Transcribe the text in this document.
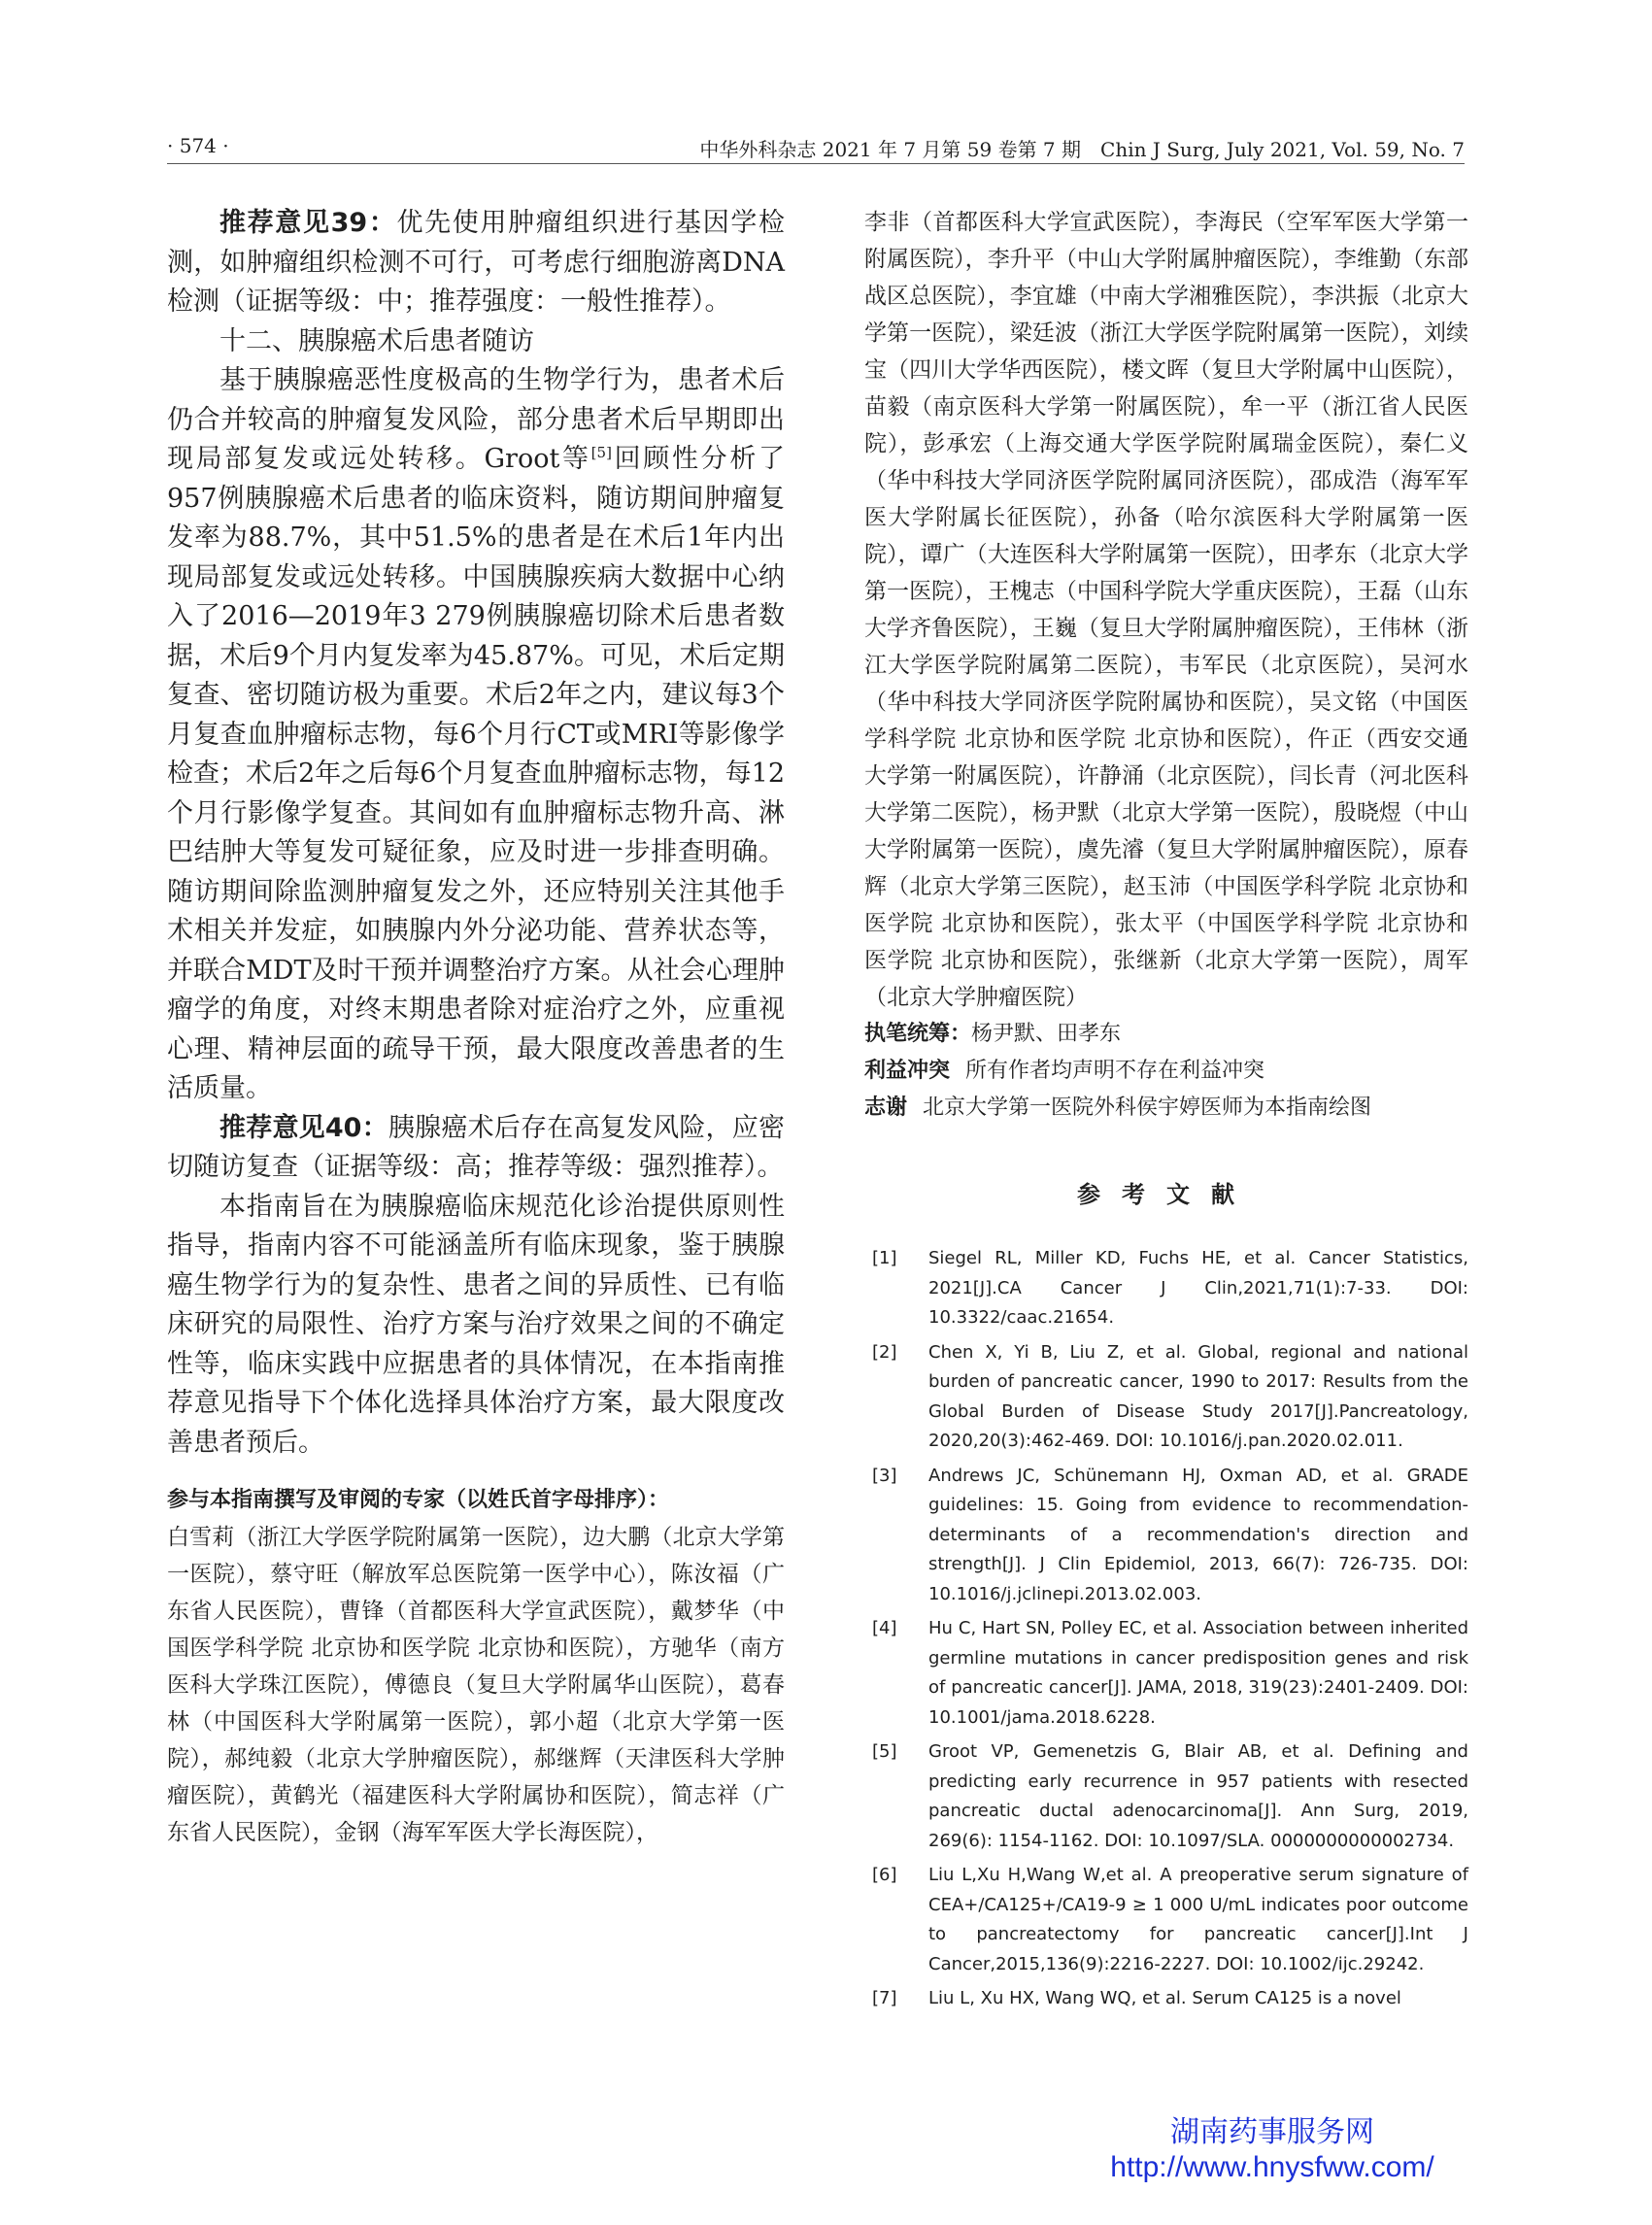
· 574 ·	中华外科杂志 2021 年 7 月第 59 卷第 7 期　Chin J Surg, July 2021, Vol. 59, No. 7

推荐意见39：优先使用肿瘤组织进行基因学检测，如肿瘤组织检测不可行，可考虑行细胞游离DNA检测（证据等级：中；推荐强度：一般性推荐）。

十二、胰腺癌术后患者随访

基于胰腺癌恶性度极高的生物学行为，患者术后仍合并较高的肿瘤复发风险，部分患者术后早期即出现局部复发或远处转移。Groot等[5]回顾性分析了957例胰腺癌术后患者的临床资料，随访期间肿瘤复发率为88.7%，其中51.5%的患者是在术后1年内出现局部复发或远处转移。中国胰腺疾病大数据中心纳入了2016—2019年3 279例胰腺癌切除术后患者数据，术后9个月内复发率为45.87%。可见，术后定期复查、密切随访极为重要。术后2年之内，建议每3个月复查血肿瘤标志物，每6个月行CT或MRI等影像学检查；术后2年之后每6个月复查血肿瘤标志物，每12个月行影像学复查。其间如有血肿瘤标志物升高、淋巴结肿大等复发可疑征象，应及时进一步排查明确。随访期间除监测肿瘤复发之外，还应特别关注其他手术相关并发症，如胰腺内外分泌功能、营养状态等，并联合MDT及时干预并调整治疗方案。从社会心理肿瘤学的角度，对终末期患者除对症治疗之外，应重视心理、精神层面的疏导干预，最大限度改善患者的生活质量。

推荐意见40：胰腺癌术后存在高复发风险，应密切随访复查（证据等级：高；推荐等级：强烈推荐）。

本指南旨在为胰腺癌临床规范化诊治提供原则性指导，指南内容不可能涵盖所有临床现象，鉴于胰腺癌生物学行为的复杂性、患者之间的异质性、已有临床研究的局限性、治疗方案与治疗效果之间的不确定性等，临床实践中应据患者的具体情况，在本指南推荐意见指导下个体化选择具体治疗方案，最大限度改善患者预后。

参与本指南撰写及审阅的专家（以姓氏首字母排序）：

白雪莉（浙江大学医学院附属第一医院），边大鹏（北京大学第一医院），蔡守旺（解放军总医院第一医学中心），陈汝福（广东省人民医院），曹锋（首都医科大学宣武医院），戴梦华（中国医学科学院 北京协和医学院 北京协和医院），方驰华（南方医科大学珠江医院），傅德良（复旦大学附属华山医院），葛春林（中国医科大学附属第一医院），郭小超（北京大学第一医院），郝纯毅（北京大学肿瘤医院），郝继辉（天津医科大学肿瘤医院），黄鹤光（福建医科大学附属协和医院），简志祥（广东省人民医院），金钢（海军军医大学长海医院），

李非（首都医科大学宣武医院），李海民（空军军医大学第一附属医院），李升平（中山大学附属肿瘤医院），李维勤（东部战区总医院），李宜雄（中南大学湘雅医院），李洪振（北京大学第一医院），梁廷波（浙江大学医学院附属第一医院），刘续宝（四川大学华西医院），楼文晖（复旦大学附属中山医院），苗毅（南京医科大学第一附属医院），牟一平（浙江省人民医院），彭承宏（上海交通大学医学院附属瑞金医院），秦仁义（华中科技大学同济医学院附属同济医院），邵成浩（海军军医大学附属长征医院），孙备（哈尔滨医科大学附属第一医院），谭广（大连医科大学附属第一医院），田孝东（北京大学第一医院），王槐志（中国科学院大学重庆医院），王磊（山东大学齐鲁医院），王巍（复旦大学附属肿瘤医院），王伟林（浙江大学医学院附属第二医院），韦军民（北京医院），吴河水（华中科技大学同济医学院附属协和医院），吴文铭（中国医学科学院 北京协和医学院 北京协和医院），仵正（西安交通大学第一附属医院），许静涌（北京医院），闫长青（河北医科大学第二医院），杨尹默（北京大学第一医院），殷晓煜（中山大学附属第一医院），虞先濬（复旦大学附属肿瘤医院），原春辉（北京大学第三医院），赵玉沛（中国医学科学院 北京协和医学院 北京协和医院），张太平（中国医学科学院 北京协和医学院 北京协和医院），张继新（北京大学第一医院），周军（北京大学肿瘤医院）

执笔统筹：杨尹默、田孝东

利益冲突 所有作者均声明不存在利益冲突

志谢 北京大学第一医院外科侯宇婷医师为本指南绘图

参考文献

[1] Siegel RL, Miller KD, Fuchs HE, et al. Cancer Statistics, 2021[J].CA Cancer J Clin,2021,71(1):7-33. DOI: 10.3322/caac.21654.

[2] Chen X, Yi B, Liu Z, et al. Global, regional and national burden of pancreatic cancer, 1990 to 2017: Results from the Global Burden of Disease Study 2017[J].Pancreatology, 2020,20(3):462-469. DOI: 10.1016/j.pan.2020.02.011.

[3] Andrews JC, Schünemann HJ, Oxman AD, et al. GRADE guidelines: 15. Going from evidence to recommendation-determinants of a recommendation's direction and strength[J]. J Clin Epidemiol, 2013, 66(7): 726-735. DOI: 10.1016/j.jclinepi.2013.02.003.

[4] Hu C, Hart SN, Polley EC, et al. Association between inherited germline mutations in cancer predisposition genes and risk of pancreatic cancer[J]. JAMA, 2018, 319(23):2401-2409. DOI: 10.1001/jama.2018.6228.

[5] Groot VP, Gemenetzis G, Blair AB, et al. Defining and predicting early recurrence in 957 patients with resected pancreatic ductal adenocarcinoma[J]. Ann Surg, 2019, 269(6): 1154-1162. DOI: 10.1097/SLA. 0000000000002734.

[6] Liu L,Xu H,Wang W,et al. A preoperative serum signature of CEA+/CA125+/CA19-9 ≥ 1 000 U/mL indicates poor outcome to pancreatectomy for pancreatic cancer[J].Int J Cancer,2015,136(9):2216-2227. DOI: 10.1002/ijc.29242.

[7] Liu L, Xu HX, Wang WQ, et al. Serum CA125 is a novel

湖南药事服务网
http://www.hnysfww.com/
